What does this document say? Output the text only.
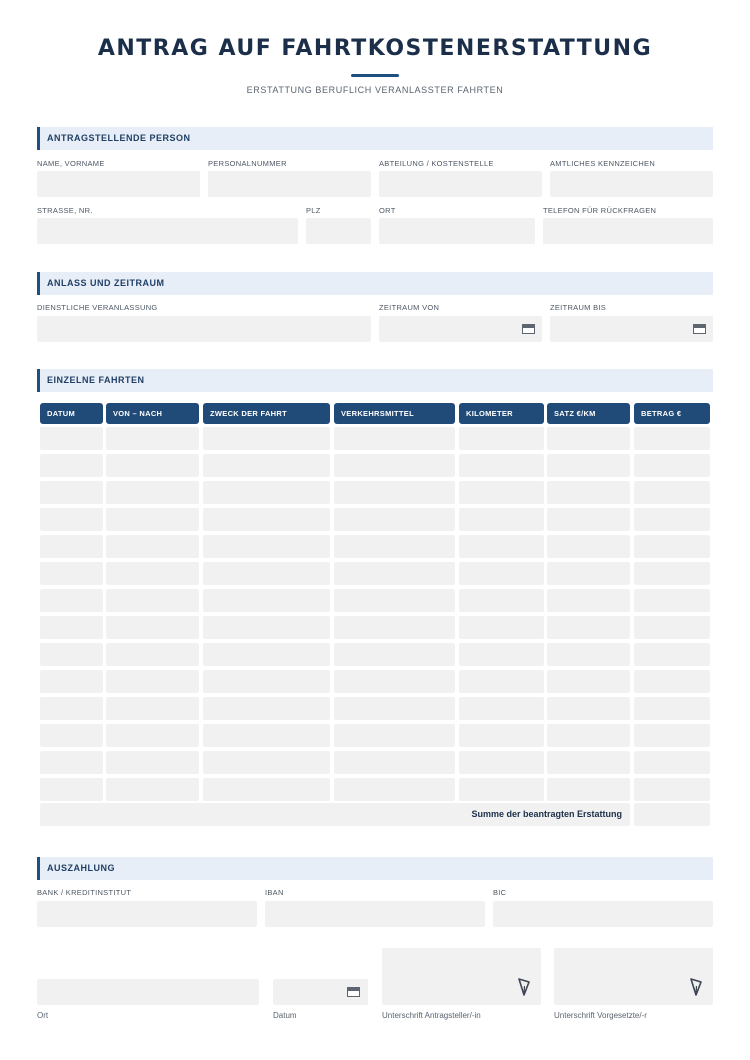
ANTRAG AUF FAHRTKOSTENERSTATTUNG
ERSTATTUNG BERUFLICH VERANLASSTER FAHRTEN
ANTRAGSTELLENDE PERSON
NAME, VORNAME	PERSONALNUMMER	ABTEILUNG / KOSTENSTELLE	AMTLICHES KENNZEICHEN
STRASSE, NR.	PLZ	ORT	TELEFON FÜR RÜCKFRAGEN
ANLASS UND ZEITRAUM
DIENSTLICHE VERANLASSUNG	ZEITRAUM VON	ZEITRAUM BIS
EINZELNE FAHRTEN
DATUM	VON – NACH	ZWECK DER FAHRT	VERKEHRSMITTEL	KILOMETER	SATZ €/KM	BETRAG €
Summe der beantragten Erstattung
AUSZAHLUNG
BANK / KREDITINSTITUT	IBAN	BIC
Ort	Datum	Unterschrift Antragsteller/-in	Unterschrift Vorgesetzte/-r
